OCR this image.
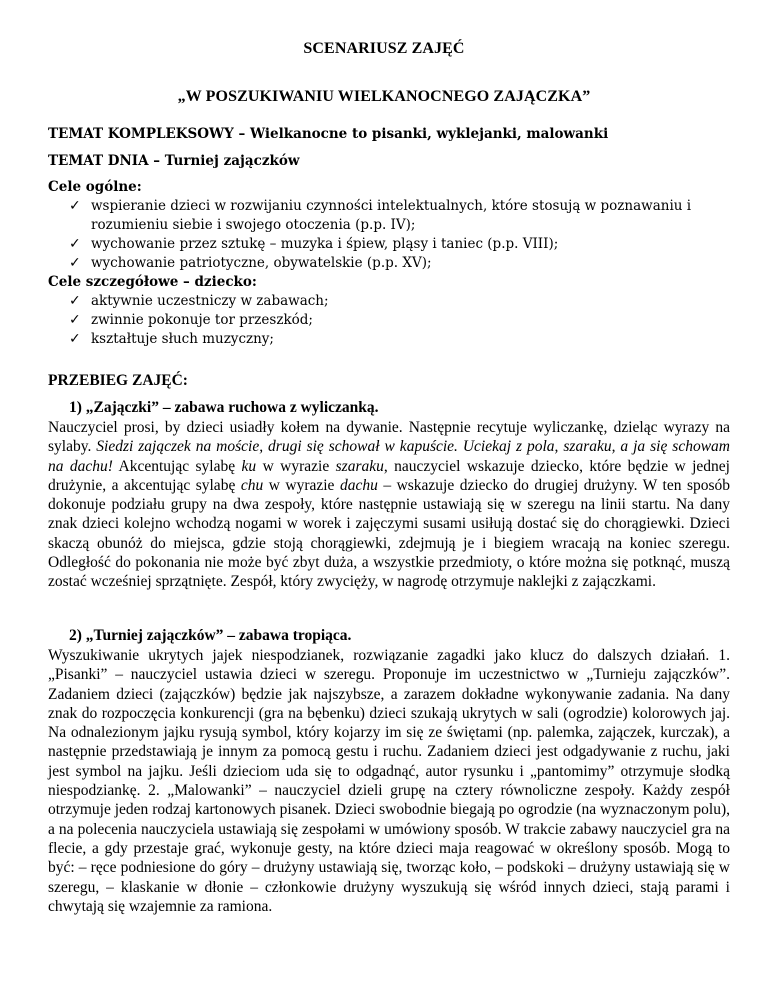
SCENARIUSZ ZAJĘĆ
„W POSZUKIWANIU WIELKANOCNEGO ZAJĄCZKA”
TEMAT KOMPLEKSOWY – Wielkanocne to pisanki, wyklejanki, malowanki
TEMAT DNIA – Turniej zajączków
Cele ogólne:
✓ wspieranie dzieci w rozwijaniu czynności intelektualnych, które stosują w poznawaniu i rozumieniu siebie i swojego otoczenia (p.p. IV);
✓ wychowanie przez sztukę – muzyka i śpiew, pląsy i taniec (p.p. VIII);
✓ wychowanie patriotyczne, obywatelskie (p.p. XV);
Cele szczegółowe – dziecko:
✓ aktywnie uczestniczy w zabawach;
✓ zwinnie pokonuje tor przeszkód;
✓ kształtuje słuch muzyczny;
PRZEBIEG ZAJĘĆ:
1) „Zajączki” – zabawa ruchowa z wyliczanką.
Nauczyciel prosi, by dzieci usiadły kołem na dywanie. Następnie recytuje wyliczankę, dzieląc wyrazy na sylaby. Siedzi zajączek na moście, drugi się schował w kapuście. Uciekaj z pola, szaraku, a ja się schowam na dachu! Akcentując sylabę ku w wyrazie szaraku, nauczyciel wskazuje dziecko, które będzie w jednej drużynie, a akcentując sylabę chu w wyrazie dachu – wskazuje dziecko do drugiej drużyny. W ten sposób dokonuje podziału grupy na dwa zespoły, które następnie ustawiają się w szeregu na linii startu. Na dany znak dzieci kolejno wchodzą nogami w worek i zajęczymi susami usiłują dostać się do chorągiewki. Dzieci skaczą obunóż do miejsca, gdzie stoją chorągiewki, zdejmują je i biegiem wracają na koniec szeregu. Odległość do pokonania nie może być zbyt duża, a wszystkie przedmioty, o które można się potknąć, muszą zostać wcześniej sprzątnięte. Zespół, który zwycięży, w nagrodę otrzymuje naklejki z zajączkami.
2) „Turniej zajączków” – zabawa tropiąca.
Wyszukiwanie ukrytych jajek niespodzianek, rozwiązanie zagadki jako klucz do dalszych działań. 1. „Pisanki” – nauczyciel ustawia dzieci w szeregu. Proponuje im uczestnictwo w „Turnieju zajączków”. Zadaniem dzieci (zajączków) będzie jak najszybsze, a zarazem dokładne wykonywanie zadania. Na dany znak do rozpoczęcia konkurencji (gra na bębenku) dzieci szukają ukrytych w sali (ogrodzie) kolorowych jaj. Na odnalezionym jajku rysują symbol, który kojarzy im się ze świętami (np. palemka, zajączek, kurczak), a następnie przedstawiają je innym za pomocą gestu i ruchu. Zadaniem dzieci jest odgadywanie z ruchu, jaki jest symbol na jajku. Jeśli dzieciom uda się to odgadnąć, autor rysunku i „pantomimy” otrzymuje słodką niespodziankę. 2. „Malowanki” – nauczyciel dzieli grupę na cztery równoliczne zespoły. Każdy zespół otrzymuje jeden rodzaj kartonowych pisanek. Dzieci swobodnie biegają po ogrodzie (na wyznaczonym polu), a na polecenia nauczyciela ustawiają się zespołami w umówiony sposób. W trakcie zabawy nauczyciel gra na flecie, a gdy przestaje grać, wykonuje gesty, na które dzieci maja reagować w określony sposób. Mogą to być: – ręce podniesione do góry – drużyny ustawiają się, tworząc koło, – podskoki – drużyny ustawiają się w szeregu, – klaskanie w dłonie – członkowie drużyny wyszukują się wśród innych dzieci, stają parami i chwytają się wzajemnie za ramiona.
